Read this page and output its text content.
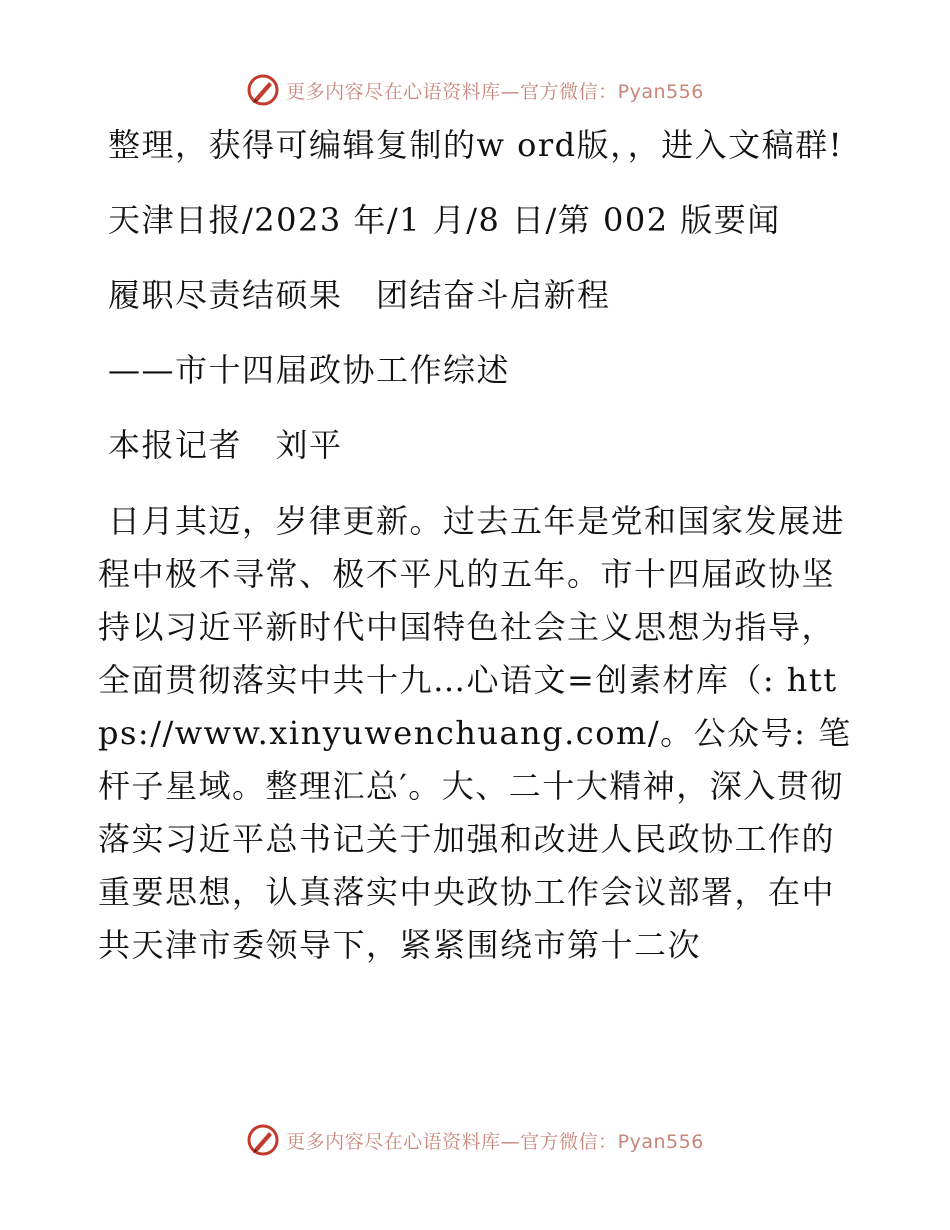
更多内容尽在心语资料库—官方微信：Pyan556

整理，获得可编辑复制的w ord版，，进入文稿群!

天津日报/2023 年/1 月/8 日/第 002 版要闻

履职尽责结硕果　团结奋斗启新程

——市十四届政协工作综述

本报记者　刘平

日月其迈，岁律更新。过去五年是党和国家发展进程中极不寻常、极不平凡的五年。市十四届政协坚持以习近平新时代中国特色社会主义思想为指导，全面贯彻落实中共十九…心语文=创素材库（: https://www.xinyuwenchuang.com/。公众号: 笔杆子星域。整理汇总′。大、二十大精神，深入贯彻落实习近平总书记关于加强和改进人民政协工作的重要思想，认真落实中央政协工作会议部署，在中共天津市委领导下，紧紧围绕市第十二次

更多内容尽在心语资料库—官方微信：Pyan556
